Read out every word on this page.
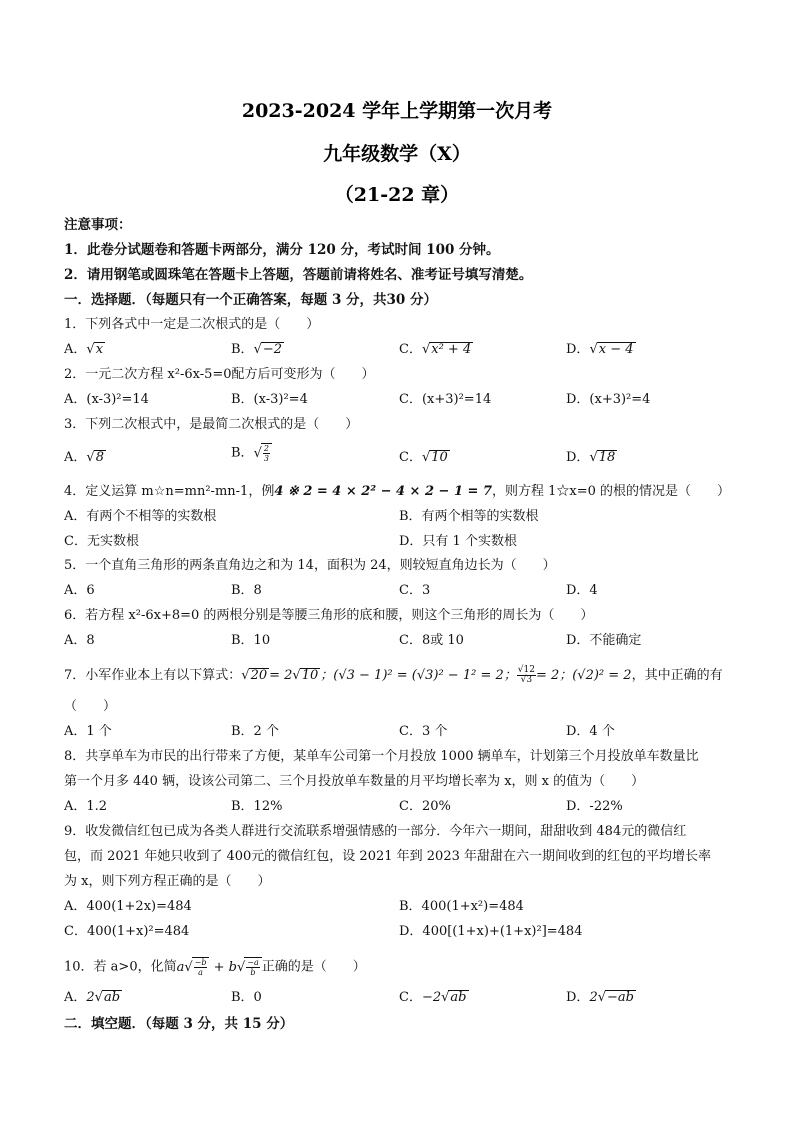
2023-2024 学年上学期第一次月考
九年级数学（X）
（21-22 章）
注意事项：
1．此卷分试题卷和答题卡两部分，满分 120 分，考试时间 100 分钟。
2．请用钢笔或圆珠笔在答题卡上答题，答题前请将姓名、准考证号填写清楚。
一．选择题．（每题只有一个正确答案，每题 3 分，共30 分）
1．下列各式中一定是二次根式的是（　　）
A．√x	B．√−2	C．√x² + 4	D．√x − 4
2．一元二次方程 x²-6x-5=0配方后可变形为（　　）
A．(x-3)²=14	B．(x-3)²=4	C．(x+3)²=14	D．(x+3)²=4
3．下列二次根式中，是最简二次根式的是（　　）
A．√8	B．√ $\frac{2}{3}$	C．√10	D．√18
4．定义运算 m☆n=mn²-mn-1，例4 ※ 2 = 4 × 2² − 4 × 2 − 1 = 7，则方程 1☆x=0 的根的情况是（　　）
A．有两个不相等的实数根	B．有两个相等的实数根
C．无实数根	D．只有 1 个实数根
5．一个直角三角形的两条直角边之和为 14，面积为 24，则较短直角边长为（　　）
A．6	B．8	C．3	D．4
6．若方程 x²-6x+8=0 的两根分别是等腰三角形的底和腰，则这个三角形的周长为（　　）
A．8	B．10	C．8或 10	D．不能确定
7．小军作业本上有以下算式：√20 = 2√10 ；(√3 − 1)² = (√3)² − 1² = 2； $\frac{√12}{√3} = 2$；(√2)² = 2，其中正确的有
（　　）
A．1 个	B．2 个	C．3 个	D．4 个
8．共享单车为市民的出行带来了方便，某单车公司第一个月投放 1000 辆单车，计划第三个月投放单车数量比
第一个月多 440 辆，设该公司第二、三个月投放单车数量的月平均增长率为 x，则 x 的值为（　　）
A．1.2	B．12%	C．20%	D．-22%
9．收发微信红包已成为各类人群进行交流联系增强情感的一部分．今年六一期间，甜甜收到 484元的微信红
包，而 2021 年她只收到了 400元的微信红包，设 2021 年到 2023 年甜甜在六一期间收到的红包的平均增长率
为 x，则下列方程正确的是（　　）
A．400(1+2x)=484	B．400(1+x²)=484
C．400(1+x)²=484	D．400[(1+x)+(1+x)²]=484
10．若 a>0，化简$a√ \frac{-b}{a} + b√ \frac{-a}{b}$ 正确的是（　　）
A．2√ab	B．0	C．−2√ab	D．2√−ab
二．填空题．（每题 3 分，共 15 分）
